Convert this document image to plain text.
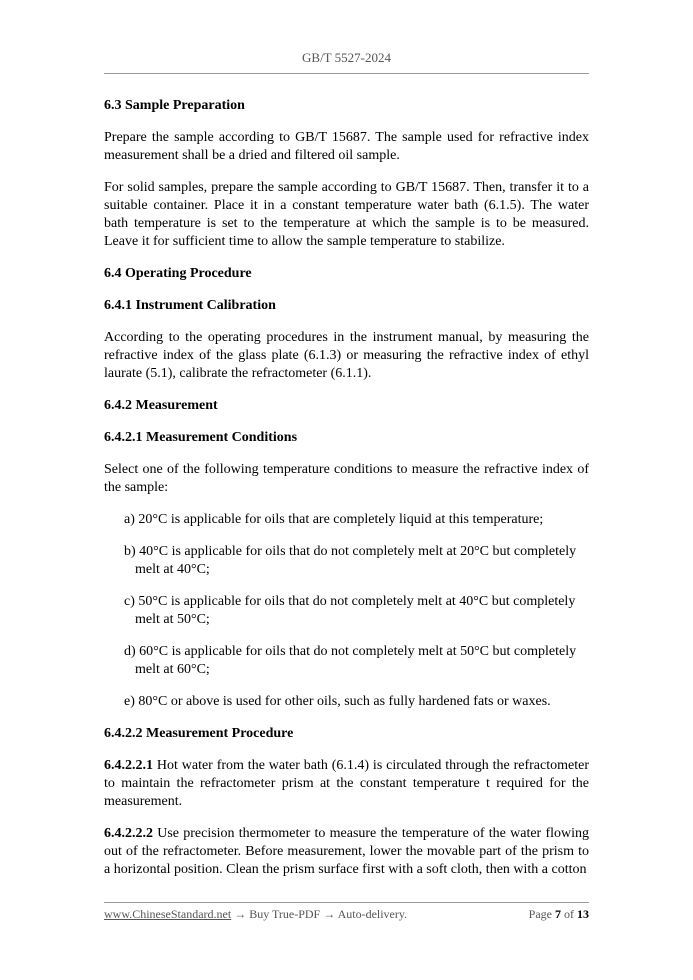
GB/T 5527-2024

6.3 Sample Preparation

Prepare the sample according to GB/T 15687. The sample used for refractive index measurement shall be a dried and filtered oil sample.

For solid samples, prepare the sample according to GB/T 15687. Then, transfer it to a suitable container. Place it in a constant temperature water bath (6.1.5). The water bath temperature is set to the temperature at which the sample is to be measured. Leave it for sufficient time to allow the sample temperature to stabilize.

6.4 Operating Procedure

6.4.1 Instrument Calibration

According to the operating procedures in the instrument manual, by measuring the refractive index of the glass plate (6.1.3) or measuring the refractive index of ethyl laurate (5.1), calibrate the refractometer (6.1.1).

6.4.2 Measurement

6.4.2.1 Measurement Conditions

Select one of the following temperature conditions to measure the refractive index of the sample:

a) 20°C is applicable for oils that are completely liquid at this temperature;

b) 40°C is applicable for oils that do not completely melt at 20°C but completely
melt at 40°C;

c) 50°C is applicable for oils that do not completely melt at 40°C but completely
melt at 50°C;

d) 60°C is applicable for oils that do not completely melt at 50°C but completely
melt at 60°C;

e) 80°C or above is used for other oils, such as fully hardened fats or waxes.

6.4.2.2 Measurement Procedure

6.4.2.2.1 Hot water from the water bath (6.1.4) is circulated through the refractometer to maintain the refractometer prism at the constant temperature t required for the measurement.

6.4.2.2.2 Use precision thermometer to measure the temperature of the water flowing out of the refractometer. Before measurement, lower the movable part of the prism to a horizontal position. Clean the prism surface first with a soft cloth, then with a cotton

www.ChineseStandard.net → Buy True-PDF → Auto-delivery.	Page 7 of 13
